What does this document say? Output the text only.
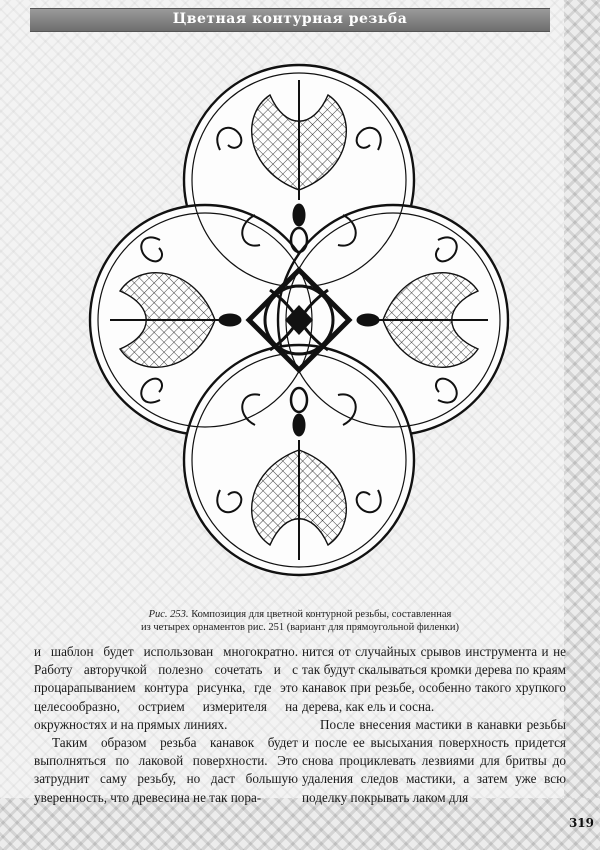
Цветная контурная резьба
Рис. 253. Композиция для цветной контурной резьбы, составленная
из четырех орнаментов рис. 251 (вариант для прямоугольной филенки)

и шаблон будет использован многократно. Работу авторучкой полезно сочетать и с процарапыванием контура рисунка, где это целесообразно, острием измерителя на окружностях и на прямых линиях.

Таким образом резьба канавок будет выполняться по лаковой поверхности. Это затруднит саму резьбу, но даст большую уверенность, что древесина не так пора-

нится от случайных срывов инструмента и не так будут скалываться кромки дерева по краям канавок при резьбе, особенно такого хрупкого дерева, как ель и сосна.

После внесения мастики в канавки резьбы и после ее высыхания поверхность придется снова проциклевать лезвиями для бритвы до удаления следов мастики, а затем уже всю поделку покрывать лаком для

319
